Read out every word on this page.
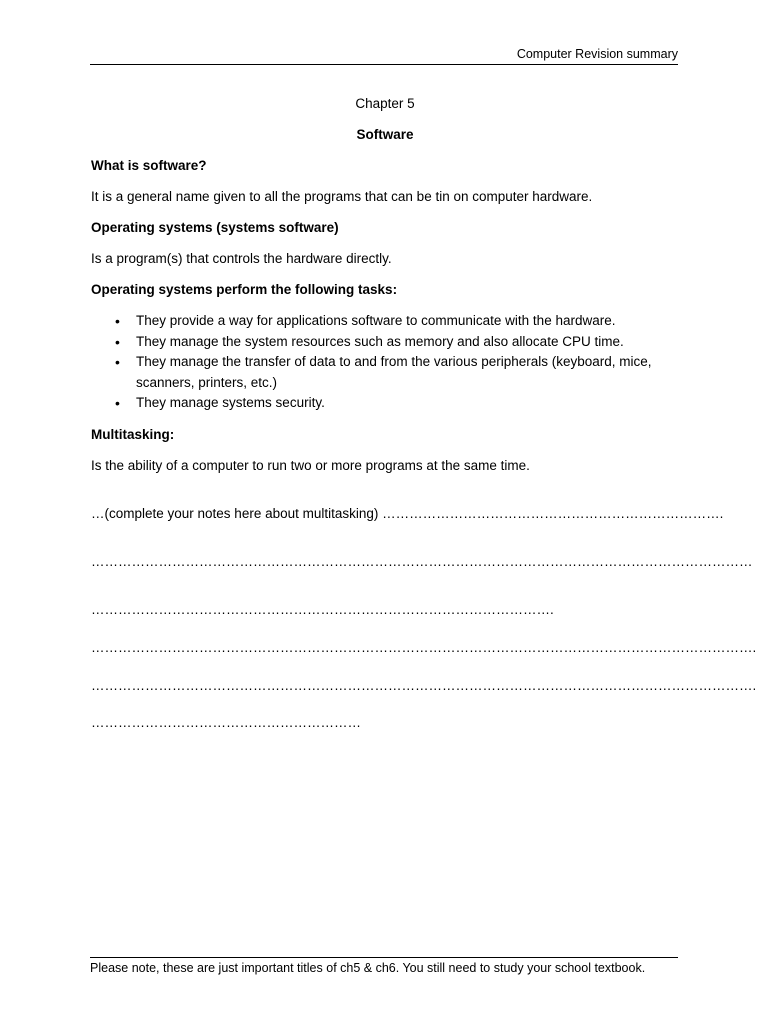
Computer Revision summary

Chapter 5

Software

What is software?

It is a general name given to all the programs that can be tin on computer hardware.

Operating systems (systems software)

Is a program(s) that controls the hardware directly.

Operating systems perform the following tasks:

• They provide a way for applications software to communicate with the hardware.
• They manage the system resources such as memory and also allocate CPU time.
• They manage the transfer of data to and from the various peripherals (keyboard, mice, scanners, printers, etc.)
• They manage systems security.

Multitasking:

Is the ability of a computer to run two or more programs at the same time.

…(complete your notes here about multitasking) ………………………………………………………………….

…………………………………………………………………………………………………………………………………

………………………………………………………………………………………….

………………………………………………………………………………………………………………………………….

………………………………………………………………………………………………………………………………….

……………………………………………………

Please note, these are just important titles of ch5 & ch6. You still need to study your school textbook.
